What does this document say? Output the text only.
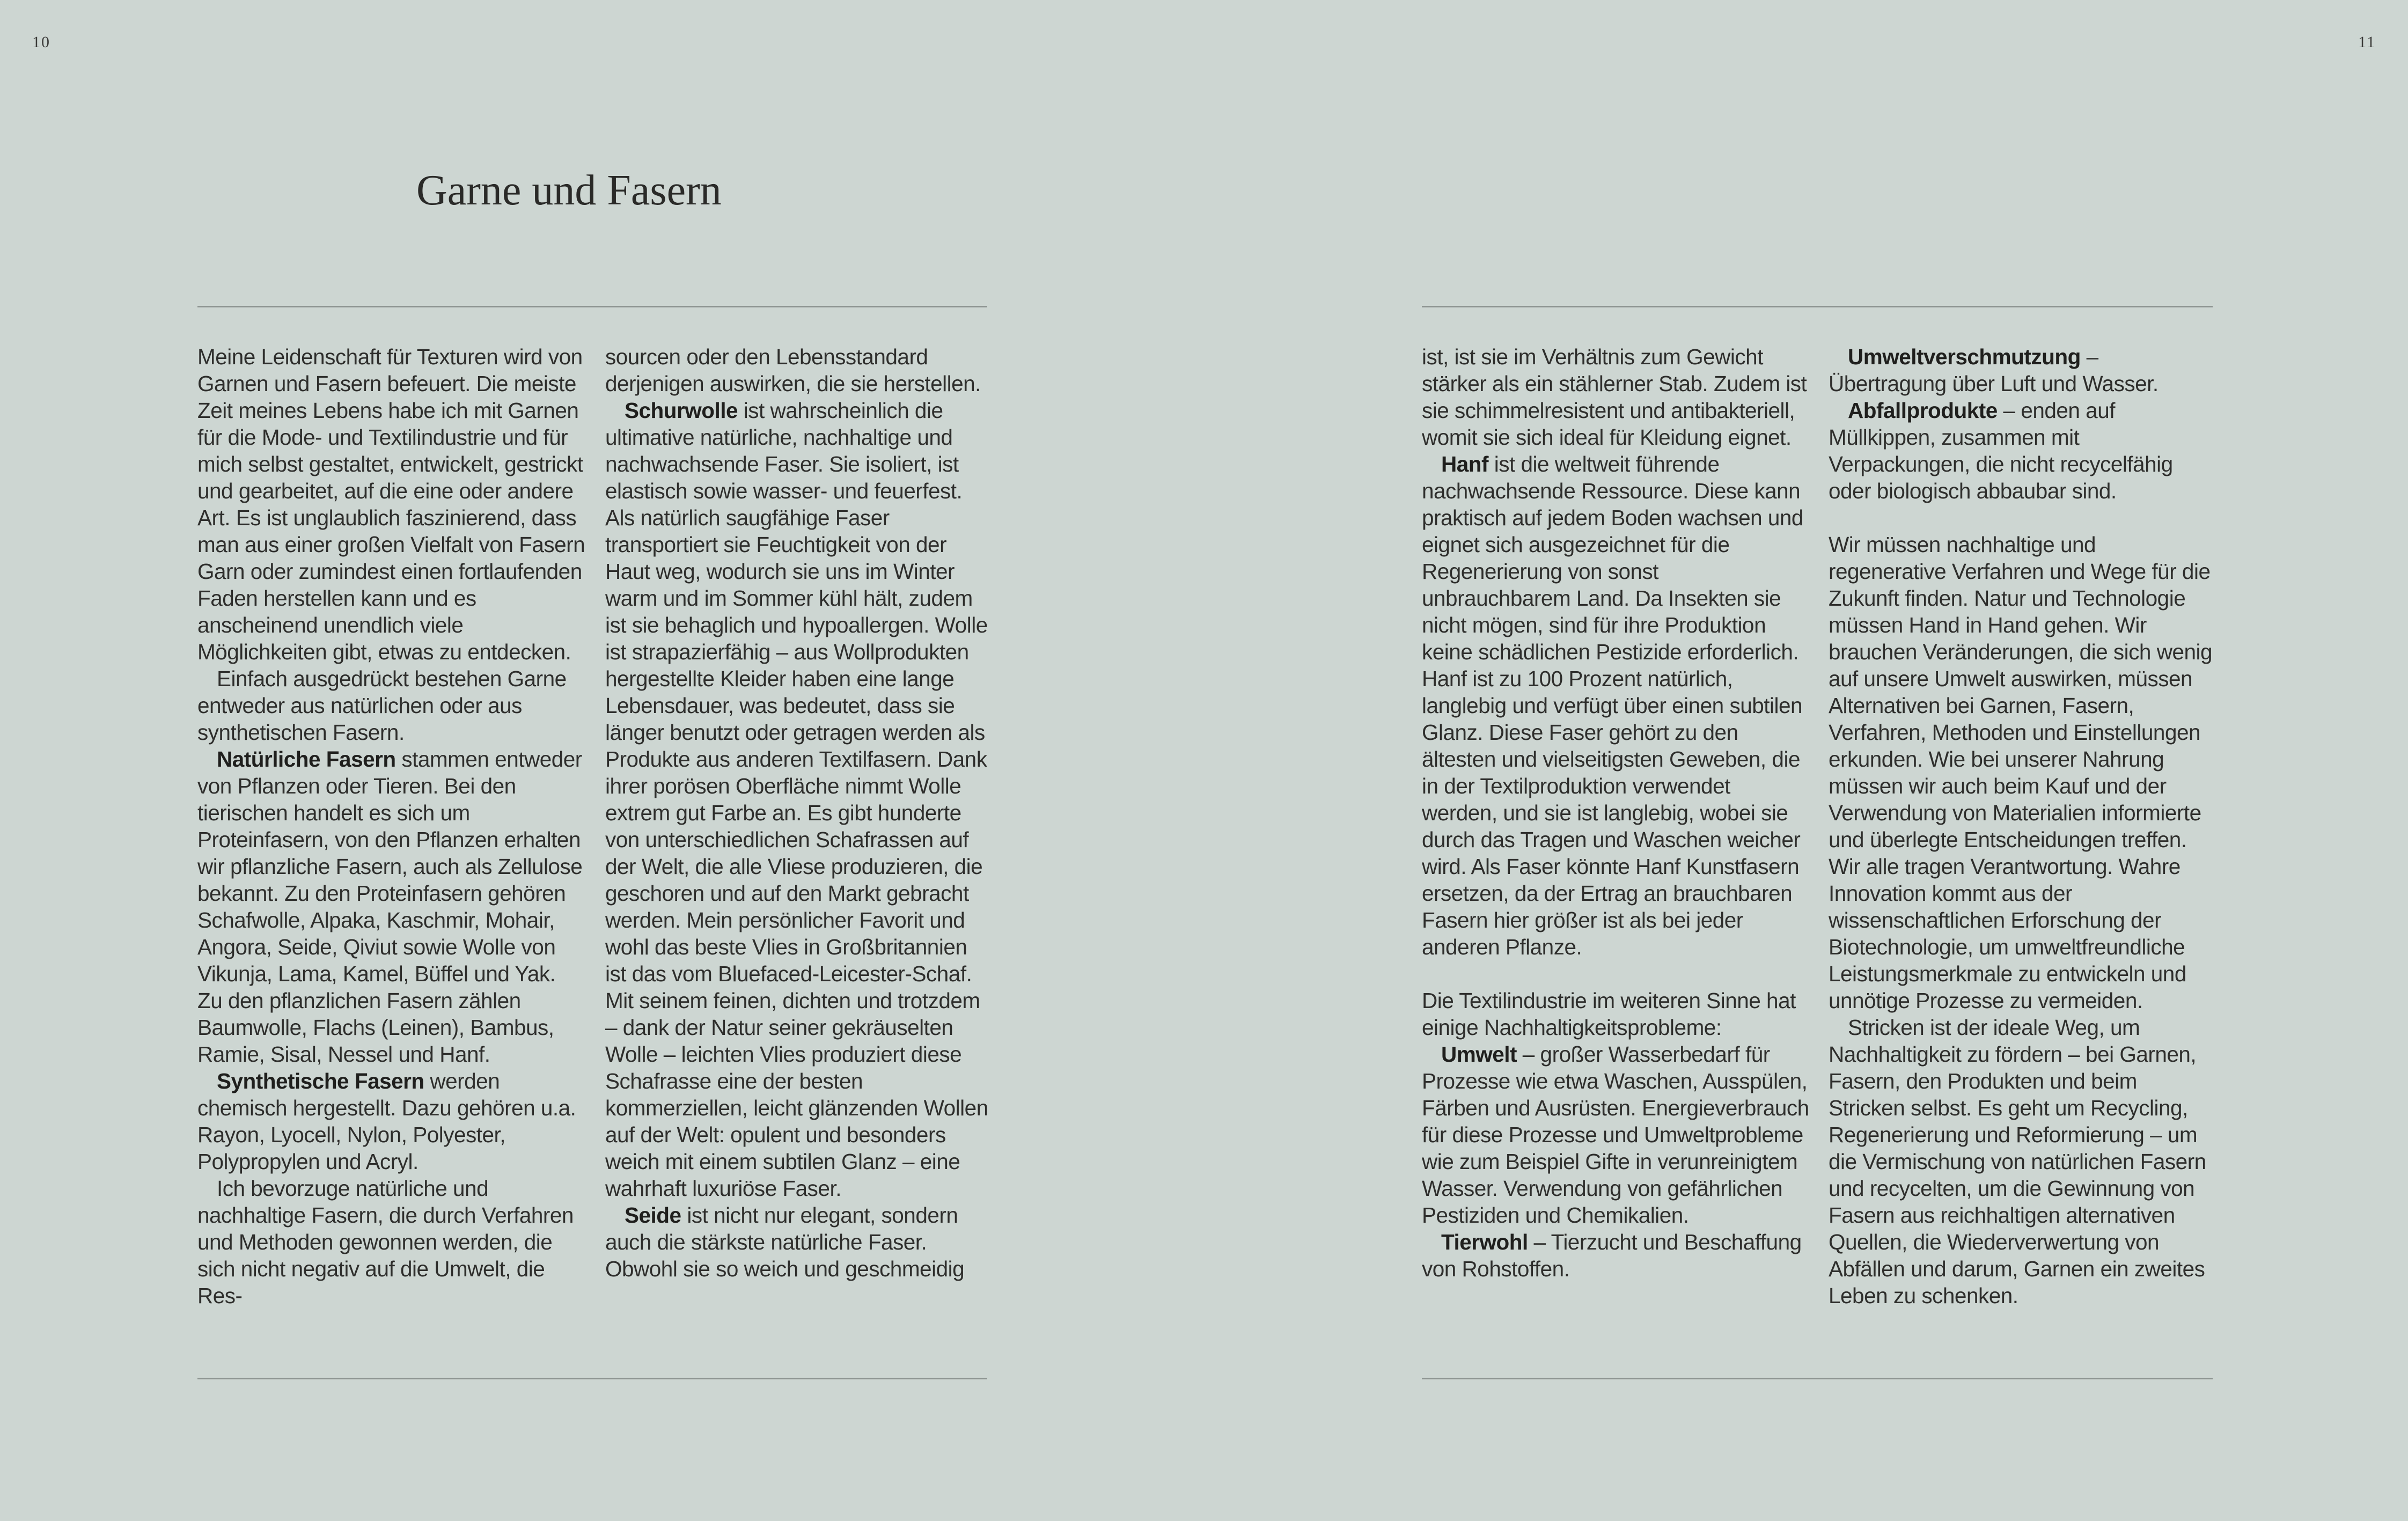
10	11
Garne und Fasern

Meine Leidenschaft für Texturen wird von Garnen und Fasern befeuert. Die meiste Zeit meines Lebens habe ich mit Garnen für die Mode- und Textilindustrie und für mich selbst gestaltet, entwickelt, gestrickt und gearbeitet, auf die eine oder andere Art. Es ist unglaublich faszinierend, dass man aus einer großen Vielfalt von Fasern Garn oder zumindest einen fortlaufenden Faden herstellen kann und es anscheinend unendlich viele Möglichkeiten gibt, etwas zu entdecken.

Einfach ausgedrückt bestehen Garne entweder aus natürlichen oder aus synthetischen Fasern.

Natürliche Fasern stammen entweder von Pflanzen oder Tieren. Bei den tierischen handelt es sich um Proteinfasern, von den Pflanzen erhalten wir pflanzliche Fasern, auch als Zellulose bekannt. Zu den Proteinfasern gehören Schafwolle, Alpaka, Kaschmir, Mohair, Angora, Seide, Qiviut sowie Wolle von Vikunja, Lama, Kamel, Büffel und Yak. Zu den pflanzlichen Fasern zählen Baumwolle, Flachs (Leinen), Bambus, Ramie, Sisal, Nessel und Hanf.

Synthetische Fasern werden chemisch hergestellt. Dazu gehören u.a. Rayon, Lyocell, Nylon, Polyester, Polypropylen und Acryl.

Ich bevorzuge natürliche und nachhaltige Fasern, die durch Verfahren und Methoden gewonnen werden, die sich nicht negativ auf die Umwelt, die Res-

sourcen oder den Lebensstandard derjenigen auswirken, die sie herstellen.

Schurwolle ist wahrscheinlich die ultimative natürliche, nachhaltige und nachwachsende Faser. Sie isoliert, ist elastisch sowie wasser- und feuerfest. Als natürlich saugfähige Faser transportiert sie Feuchtigkeit von der Haut weg, wodurch sie uns im Winter warm und im Sommer kühl hält, zudem ist sie behaglich und hypoallergen. Wolle ist strapazierfähig – aus Wollprodukten hergestellte Kleider haben eine lange Lebensdauer, was bedeutet, dass sie länger benutzt oder getragen werden als Produkte aus anderen Textilfasern. Dank ihrer porösen Oberfläche nimmt Wolle extrem gut Farbe an. Es gibt hunderte von unterschiedlichen Schafrassen auf der Welt, die alle Vliese produzieren, die geschoren und auf den Markt gebracht werden. Mein persönlicher Favorit und wohl das beste Vlies in Großbritannien ist das vom Bluefaced-Leicester-Schaf. Mit seinem feinen, dichten und trotzdem – dank der Natur seiner gekräuselten Wolle – leichten Vlies produziert diese Schafrasse eine der besten kommerziellen, leicht glänzenden Wollen auf der Welt: opulent und besonders weich mit einem subtilen Glanz – eine wahrhaft luxuriöse Faser.

Seide ist nicht nur elegant, sondern auch die stärkste natürliche Faser. Obwohl sie so weich und geschmeidig

ist, ist sie im Verhältnis zum Gewicht stärker als ein stählerner Stab. Zudem ist sie schimmelresistent und antibakteriell, womit sie sich ideal für Kleidung eignet.

Hanf ist die weltweit führende nachwachsende Ressource. Diese kann praktisch auf jedem Boden wachsen und eignet sich ausgezeichnet für die Regenerierung von sonst unbrauchbarem Land. Da Insekten sie nicht mögen, sind für ihre Produktion keine schädlichen Pestizide erforderlich. Hanf ist zu 100 Prozent natürlich, langlebig und verfügt über einen subtilen Glanz. Diese Faser gehört zu den ältesten und vielseitigsten Geweben, die in der Textilproduktion verwendet werden, und sie ist langlebig, wobei sie durch das Tragen und Waschen weicher wird. Als Faser könnte Hanf Kunstfasern ersetzen, da der Ertrag an brauchbaren Fasern hier größer ist als bei jeder anderen Pflanze.

Die Textilindustrie im weiteren Sinne hat einige Nachhaltigkeitsprobleme:

Umwelt – großer Wasserbedarf für Prozesse wie etwa Waschen, Ausspülen, Färben und Ausrüsten. Energieverbrauch für diese Prozesse und Umweltprobleme wie zum Beispiel Gifte in verunreinigtem Wasser. Verwendung von gefährlichen Pestiziden und Chemikalien.

Tierwohl – Tierzucht und Beschaffung von Rohstoffen.

Umweltverschmutzung – Übertragung über Luft und Wasser.

Abfallprodukte – enden auf Müllkippen, zusammen mit Verpackungen, die nicht recycelfähig oder biologisch abbaubar sind.

Wir müssen nachhaltige und regenerative Verfahren und Wege für die Zukunft finden. Natur und Technologie müssen Hand in Hand gehen. Wir brauchen Veränderungen, die sich wenig auf unsere Umwelt auswirken, müssen Alternativen bei Garnen, Fasern, Verfahren, Methoden und Einstellungen erkunden. Wie bei unserer Nahrung müssen wir auch beim Kauf und der Verwendung von Materialien informierte und überlegte Entscheidungen treffen. Wir alle tragen Verantwortung. Wahre Innovation kommt aus der wissenschaftlichen Erforschung der Biotechnologie, um umweltfreundliche Leistungsmerkmale zu entwickeln und unnötige Prozesse zu vermeiden.

Stricken ist der ideale Weg, um Nachhaltigkeit zu fördern – bei Garnen, Fasern, den Produkten und beim Stricken selbst. Es geht um Recycling, Regenerierung und Reformierung – um die Vermischung von natürlichen Fasern und recycelten, um die Gewinnung von Fasern aus reichhaltigen alternativen Quellen, die Wiederverwertung von Abfällen und darum, Garnen ein zweites Leben zu schenken.
